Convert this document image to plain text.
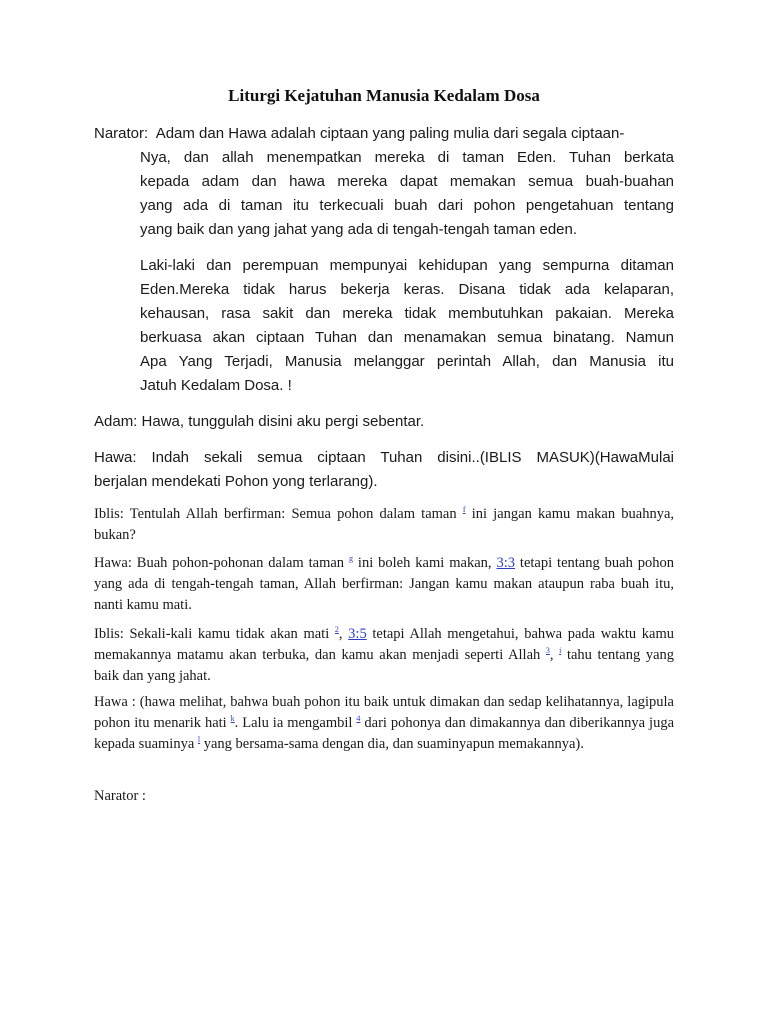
Liturgi Kejatuhan Manusia Kedalam Dosa
Narator: Adam dan Hawa adalah ciptaan yang paling mulia dari segala ciptaan-
Nya, dan allah menempatkan mereka di taman Eden. Tuhan berkata
kepada adam dan hawa mereka dapat memakan semua buah-buahan
yang ada di taman itu terkecuali buah dari pohon pengetahuan tentang
yang baik dan yang jahat yang ada di tengah-tengah taman eden.
Laki-laki dan perempuan mempunyai kehidupan yang sempurna ditaman
Eden.Mereka tidak harus bekerja keras. Disana tidak ada kelaparan,
kehausan, rasa sakit dan mereka tidak membutuhkan pakaian. Mereka
berkuasa akan ciptaan Tuhan dan menamakan semua binatang. Namun
Apa Yang Terjadi, Manusia melanggar perintah Allah, dan Manusia itu
Jatuh Kedalam Dosa. !
Adam: Hawa, tunggulah disini aku pergi sebentar.
Hawa: Indah sekali semua ciptaan Tuhan disini..(IBLIS MASUK)(HawaMulai
berjalan mendekati Pohon yong terlarang).
Iblis: Tentulah Allah berfirman: Semua pohon dalam taman $^f$ ini jangan kamu makan buahnya, bukan?
Hawa: Buah pohon-pohonan dalam taman $^g$ ini boleh kami makan, 3:3 tetapi tentang buah pohon yang ada di tengah-tengah taman, Allah berfirman: Jangan kamu makan ataupun raba buah itu, nanti kamu mati.
Iblis: Sekali-kali kamu tidak akan mati $^2$, 3:5 tetapi Allah mengetahui, bahwa pada waktu kamu memakannya matamu akan terbuka, dan kamu akan menjadi seperti Allah $^3$, $^i$ tahu tentang yang baik dan yang jahat.
Hawa : (hawa melihat, bahwa buah pohon itu baik untuk dimakan dan sedap kelihatannya, lagipula pohon itu menarik hati $^k$. Lalu ia mengambil $^4$ dari pohonya dan dimakannya dan diberikannya juga kepada suaminya $^l$ yang bersama-sama dengan dia, dan suaminyapun memakannya).
Narator :
